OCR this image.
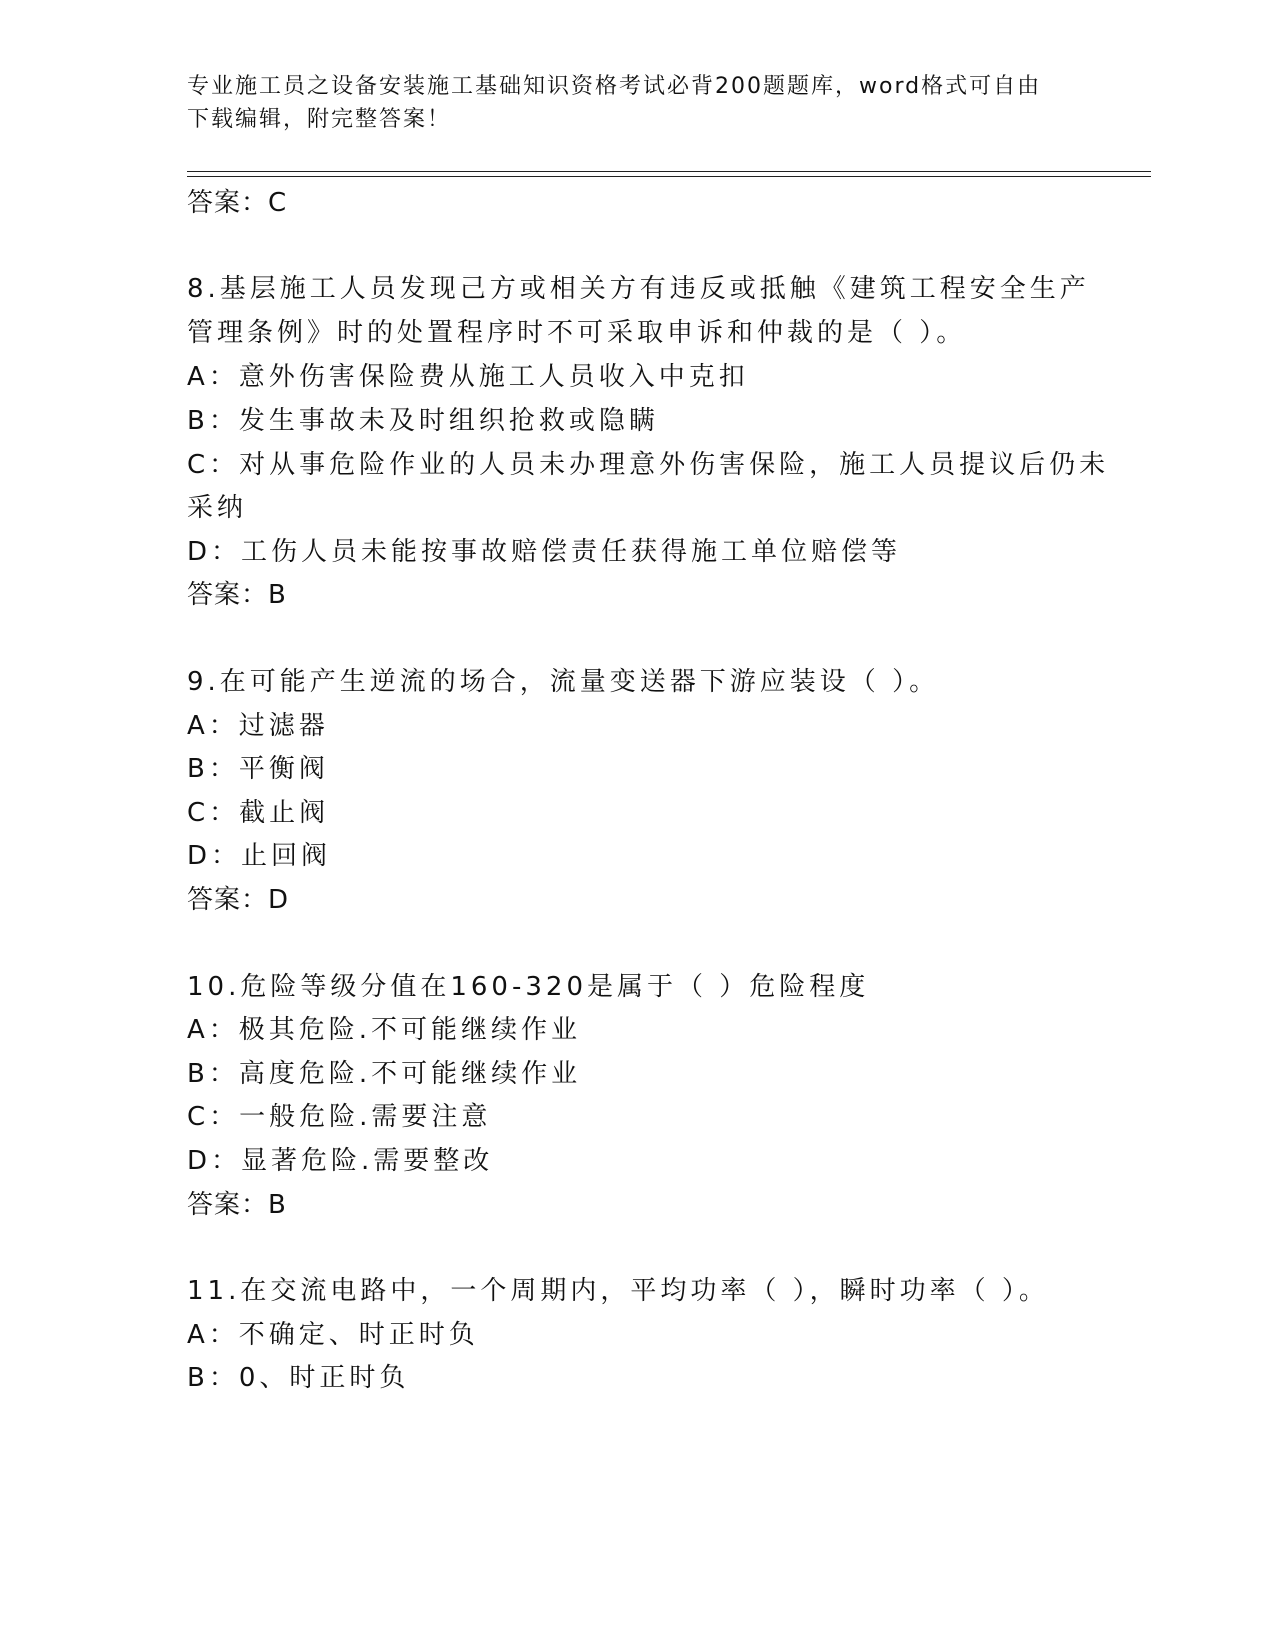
专业施工员之设备安装施工基础知识资格考试必背200题题库，word格式可自由
下载编辑，附完整答案！
答案：C
8.基层施工人员发现己方或相关方有违反或抵触《建筑工程安全生产
管理条例》时的处置程序时不可采取申诉和仲裁的是（ ）。
A：意外伤害保险费从施工人员收入中克扣
B：发生事故未及时组织抢救或隐瞒
C：对从事危险作业的人员未办理意外伤害保险，施工人员提议后仍未
采纳
D：工伤人员未能按事故赔偿责任获得施工单位赔偿等
答案：B
9.在可能产生逆流的场合，流量变送器下游应装设（ ）。
A：过滤器
B：平衡阀
C：截止阀
D：止回阀
答案：D
10.危险等级分值在160-320是属于（ ）危险程度
A：极其危险.不可能继续作业
B：高度危险.不可能继续作业
C：一般危险.需要注意
D：显著危险.需要整改
答案：B
11.在交流电路中，一个周期内，平均功率（ ），瞬时功率（ ）。
A：不确定、时正时负
B：0、时正时负
